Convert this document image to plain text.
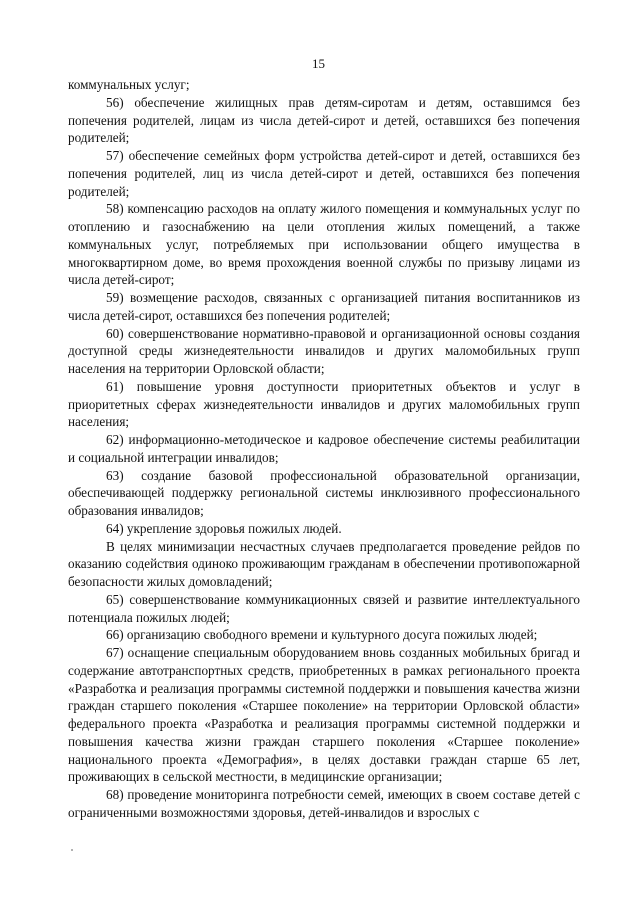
15

коммунальных услуг;

56) обеспечение жилищных прав детям-сиротам и детям, оставшимся без попечения родителей, лицам из числа детей-сирот и детей, оставшихся без попечения родителей;

57) обеспечение семейных форм устройства детей-сирот и детей, оставшихся без попечения родителей, лиц из числа детей-сирот и детей, оставшихся без попечения родителей;

58) компенсацию расходов на оплату жилого помещения и коммунальных услуг по отоплению и газоснабжению на цели отопления жилых помещений, а также коммунальных услуг, потребляемых при использовании общего имущества в многоквартирном доме, во время прохождения военной службы по призыву лицами из числа детей-сирот;

59) возмещение расходов, связанных с организацией питания воспитанников из числа детей-сирот, оставшихся без попечения родителей;

60) совершенствование нормативно-правовой и организационной основы создания доступной среды жизнедеятельности инвалидов и других маломобильных групп населения на территории Орловской области;

61) повышение уровня доступности приоритетных объектов и услуг в приоритетных сферах жизнедеятельности инвалидов и других маломобильных групп населения;

62) информационно-методическое и кадровое обеспечение системы реабилитации и социальной интеграции инвалидов;

63) создание базовой профессиональной образовательной организации, обеспечивающей поддержку региональной системы инклюзивного профессионального образования инвалидов;

64) укрепление здоровья пожилых людей.

В целях минимизации несчастных случаев предполагается проведение рейдов по оказанию содействия одиноко проживающим гражданам в обеспечении противопожарной безопасности жилых домовладений;

65) совершенствование коммуникационных связей и развитие интеллектуального потенциала пожилых людей;

66) организацию свободного времени и культурного досуга пожилых людей;

67) оснащение специальным оборудованием вновь созданных мобильных бригад и содержание автотранспортных средств, приобретенных в рамках регионального проекта «Разработка и реализация программы системной поддержки и повышения качества жизни граждан старшего поколения «Старшее поколение» на территории Орловской области» федерального проекта «Разработка и реализация программы системной поддержки и повышения качества жизни граждан старшего поколения «Старшее поколение» национального проекта «Демография», в целях доставки граждан старше 65 лет, проживающих в сельской местности, в медицинские организации;

68) проведение мониторинга потребности семей, имеющих в своем составе детей с ограниченными возможностями здоровья, детей-инвалидов и взрослых с
